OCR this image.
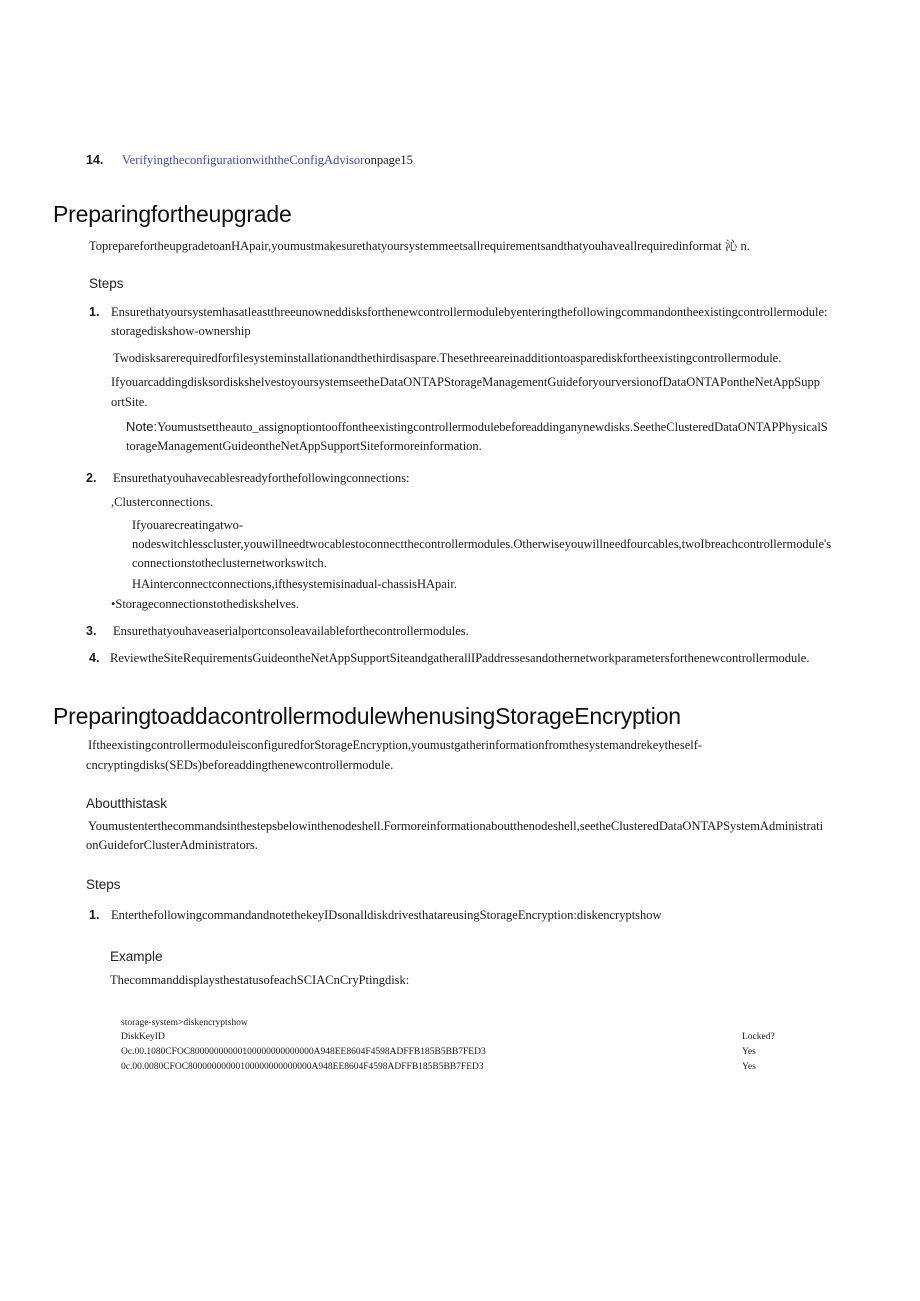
14. VerifyingtheconfigurationwiththeConfigAdvisoronpage15
Preparingfortheupgrade
TopreparefortheupgradetoanHApair,youmustmakesurethatyoursystemmeetsallrequirementsandthatyouhaveallrequiredinformat 沁 n.
Steps
1. Ensurethatyoursystemhasatleastthreeunowneddisksforthenewcontrollermodulebyenteringthefollowingcommandontheexistingcontrollermodule:
storagediskshow-ownership
Twodisksarerequiredforfilesysteminstallationandthethirdisaspare.Thesethreeareinadditiontoasparediskfortheexistingcontrollermodule.
IfyouarcaddingdisksordiskshelvestoyoursystemseetheDataONTAPStorageManagementGuideforyourversionofDataONTAPontheNetAppSupp
ortSite.
Note:Youmustsettheauto_assignoptiontooffontheexistingcontrollermodulebeforeaddinganynewdisks.SeetheClusteredDataONTAPPhysicalS
torageManagementGuideontheNetAppSupportSiteformoreinformation.
2. Ensurethatyouhavecablesreadyforthefollowingconnections:
,Clusterconnections.
Ifyouarecreatingatwo-
nodeswitchlesscluster,youwillneedtwocablestoconnectthecontrollermodules.Otherwiseyouwillneedfourcables,twoIbreachcontrollermodule's
connectionstotheclusternetworkswitch.
HAinterconnectconnections,ifthesystemisinadual-chassisHApair.
•Storageconnectionstothediskshelves.
3. Ensurethatyouhaveaserialportconsoleavailableforthecontrollermodules.
4. ReviewtheSiteRequirementsGuideontheNetAppSupportSiteandgatherallIPaddressesandothernetworkparametersforthenewcontrollermodule.
PreparingtoaddacontrollermodulewhenusingStorageEncryption
IftheexistingcontrollermoduleisconfiguredforStorageEncryption,youmustgatherinformationfromthesystemandrekeytheself-
cncryptingdisks(SEDs)beforeaddingthenewcontrollermodule.
Aboutthistask
Youmustenterthecommandsinthestepsbelowinthenodeshell.Formoreinformationaboutthenodeshell,seetheClusteredDataONTAPSystemAdministrati
onGuideforClusterAdministrators.
Steps
1. EnterthefollowingcommandandnotethekeyIDsonalldiskdrivesthatareusingStorageEncryption:diskencryptshow
Example
ThecommanddisplaysthestatusofeachSCIACnCryPtingdisk:
storage-system>diskencryptshow
DiskKeyID	Locked?
Oc.00.1080CFOC80000000000100000000000000A948EE8604F4598ADFFB185B5BB7FED3	Yes
0c.00.0080CFOC80000000000100000000000000A948EE8604F4598ADFFB185B5BB7FED3	Yes
